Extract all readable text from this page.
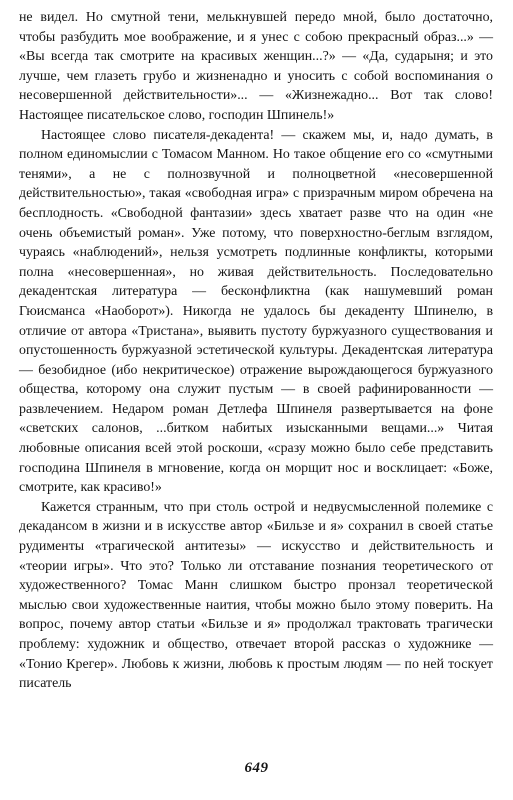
не видел. Но смутной тени, мелькнувшей передо мной, было достаточно, чтобы разбудить мое воображение, и я унес с собою прекрасный образ...» — «Вы всегда так смотрите на красивых женщин...?» — «Да, сударыня; и это лучше, чем глазеть грубо и жизненадно и уносить с собой воспоминания о несовершенной действительности»... — «Жизнежадно... Вот так слово! Настоящее писательское слово, господин Шпинель!»

Настоящее слово писателя-декадента! — скажем мы, и, надо думать, в полном единомыслии с Томасом Манном. Но такое общение его со «смутными тенями», а не с полнозвучной и полноцветной «несовершенной действительностью», такая «свободная игра» с призрачным миром обречена на бесплодность. «Свободной фантазии» здесь хватает разве что на один «не очень объемистый роман». Уже потому, что поверхностно-беглым взглядом, чураясь «наблюдений», нельзя усмотреть подлинные конфликты, которыми полна «несовершенная», но живая действительность. Последовательно декадентская литература — бесконфликтна (как нашумевший роман Гюисманса «Наоборот»). Никогда не удалось бы декаденту Шпинелю, в отличие от автора «Тристана», выявить пустоту буржуазного существования и опустошенность буржуазной эстетической культуры. Декадентская литература — безобидное (ибо некритическое) отражение вырождающегося буржуазного общества, которому она служит пустым — в своей рафинированности — развлечением. Недаром роман Детлефа Шпинеля развертывается на фоне «светских салонов, ...битком набитых изысканными вещами...» Читая любовные описания всей этой роскоши, «сразу можно было себе представить господина Шпинеля в мгновение, когда он морщит нос и восклицает: «Боже, смотрите, как красиво!»

Кажется странным, что при столь острой и недвусмысленной полемике с декадансом в жизни и в искусстве автор «Бильзе и я» сохранил в своей статье рудименты «трагической антитезы» — искусство и действительность и «теории игры». Что это? Только ли отставание познания теоретического от художественного? Томас Манн слишком быстро пронзал теоретической мыслью свои художественные наития, чтобы можно было этому поверить. На вопрос, почему автор статьи «Бильзе и я» продолжал трактовать трагически проблему: художник и общество, отвечает второй рассказ о художнике — «Тонио Крегер». Любовь к жизни, любовь к простым людям — по ней тоскует писатель

649
